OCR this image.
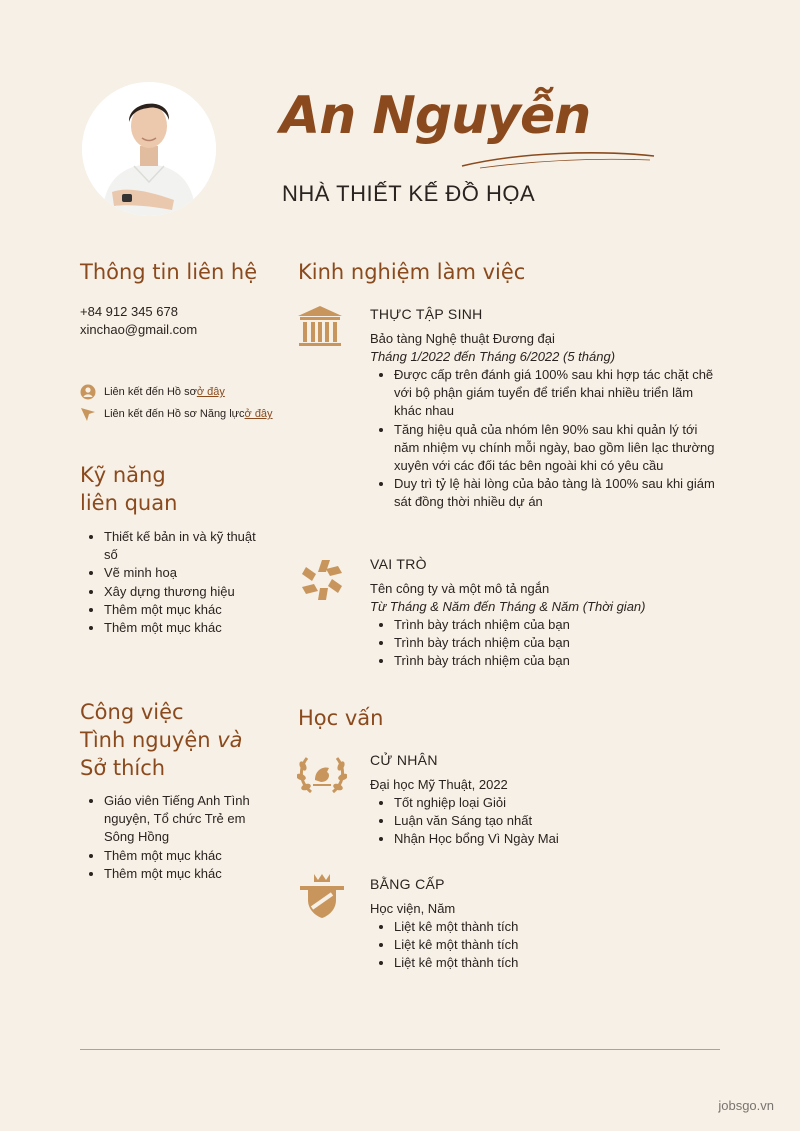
An Nguyễn
NHÀ THIẾT KẾ ĐỒ HỌA
Thông tin liên hệ
+84 912 345 678
xinchao@gmail.com
Liên kết đến Hồ sơ ở đây
Liên kết đến Hồ sơ Năng lực ở đây
Kỹ năng
liên quan
Thiết kế bản in và kỹ thuật số
Vẽ minh hoạ
Xây dựng thương hiệu
Thêm một mục khác
Thêm một mục khác
Công việc
Tình nguyện và
Sở thích
Giáo viên Tiếng Anh Tình nguyện, Tổ chức Trẻ em Sông Hồng
Thêm một mục khác
Thêm một mục khác
Kinh nghiệm làm việc
THỰC TẬP SINH
Bảo tàng Nghệ thuật Đương đại
Tháng 1/2022 đến Tháng 6/2022 (5 tháng)
Được cấp trên đánh giá 100% sau khi hợp tác chặt chẽ với bộ phận giám tuyển để triển khai nhiều triển lãm khác nhau
Tăng hiệu quả của nhóm lên 90% sau khi quản lý tới năm nhiệm vụ chính mỗi ngày, bao gồm liên lạc thường xuyên với các đối tác bên ngoài khi có yêu cầu
Duy trì tỷ lệ hài lòng của bảo tàng là 100% sau khi giám sát đồng thời nhiều dự án
VAI TRÒ
Tên công ty và một mô tả ngắn
Từ Tháng & Năm đến Tháng & Năm (Thời gian)
Trình bày trách nhiệm của bạn
Trình bày trách nhiệm của bạn
Trình bày trách nhiệm của bạn
Học vấn
CỬ NHÂN
Đại học Mỹ Thuật, 2022
Tốt nghiệp loại Giỏi
Luận văn Sáng tạo nhất
Nhận Học bổng Vì Ngày Mai
BẰNG CẤP
Học viện, Năm
Liệt kê một thành tích
Liệt kê một thành tích
Liệt kê một thành tích
jobsgo.vn
